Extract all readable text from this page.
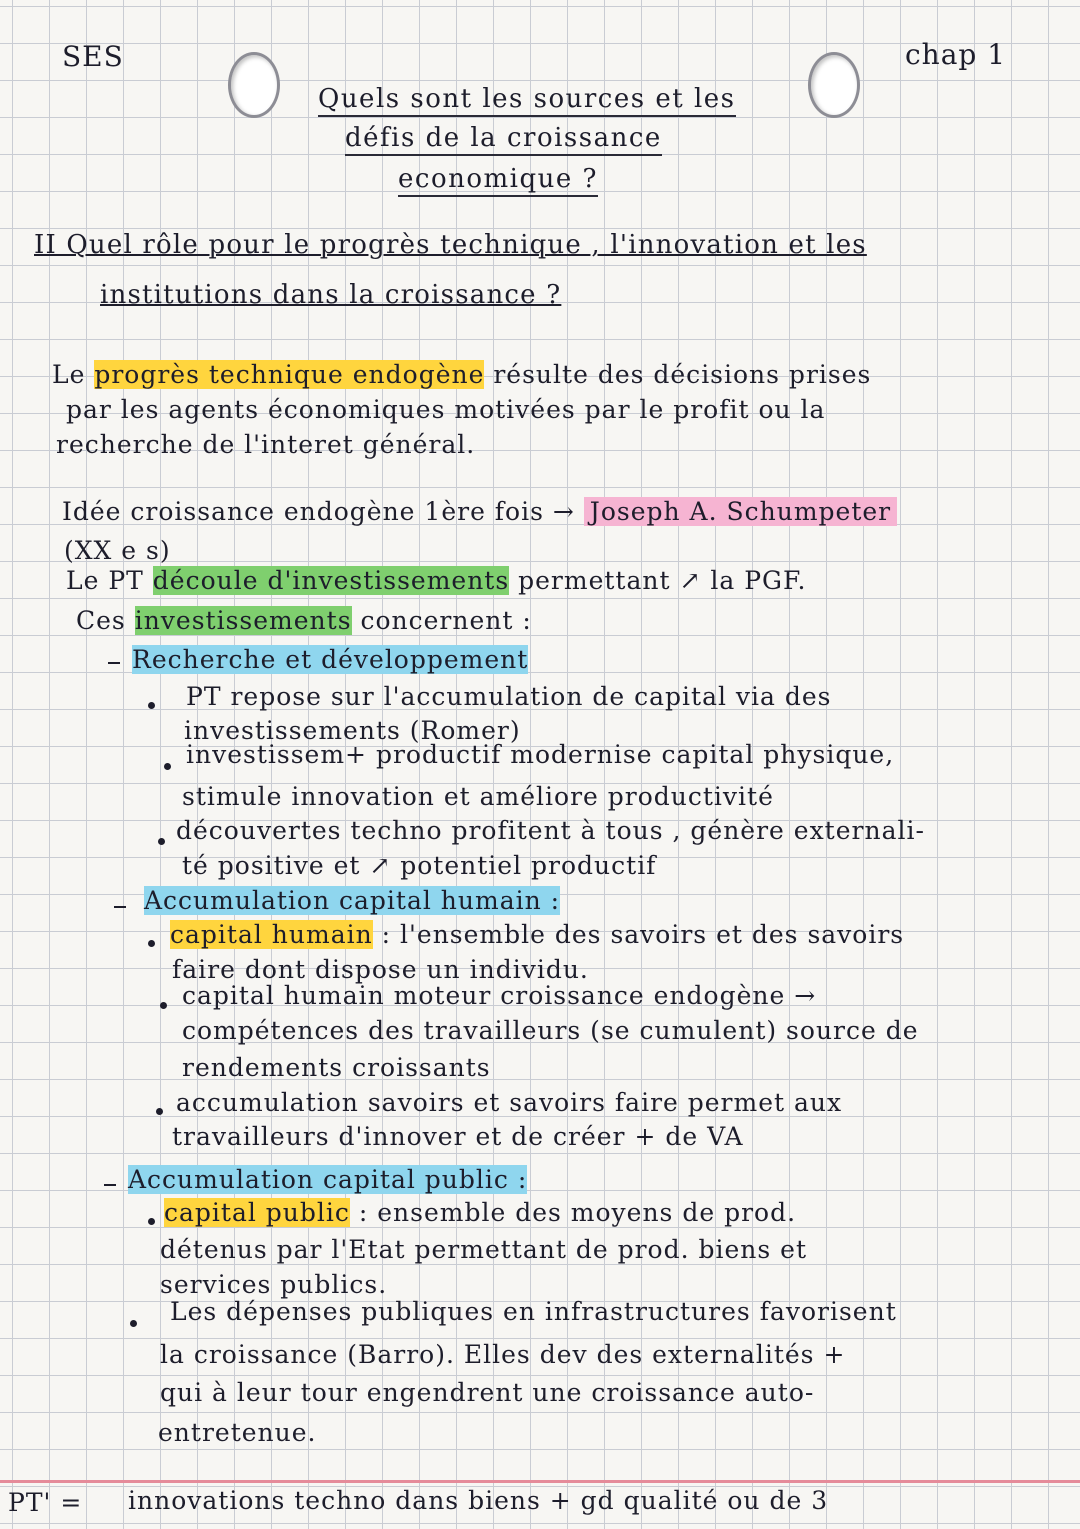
SES	chap 1
Quels sont les sources et les
défis de la croissance
economique ?
II Quel rôle pour le progrès technique , l'innovation et les
institutions dans la croissance ?
Le progrès technique endogène résulte des décisions prises
par les agents économiques motivées par le profit ou la
recherche de l'interet général.
Idée croissance endogène 1ère fois → Joseph A. Schumpeter
(XX e s)
Le PT découle d'investissements permettant ↗ la PGF.
Ces investissements concernent :
Recherche et développement
PT repose sur l'accumulation de capital via des
investissements (Romer)
investissem+ productif modernise capital physique,
stimule innovation et améliore productivité
découvertes techno profitent à tous , génère externali-
té positive et ↗ potentiel productif
Accumulation capital humain :
capital humain : l'ensemble des savoirs et des savoirs
faire dont dispose un individu.
capital humain moteur croissance endogène →
compétences des travailleurs (se cumulent) source de
rendements croissants
accumulation savoirs et savoirs faire permet aux
travailleurs d'innover et de créer + de VA
Accumulation capital public :
capital public : ensemble des moyens de prod.
détenus par l'Etat permettant de prod. biens et
services publics.
Les dépenses publiques en infrastructures favorisent
la croissance (Barro). Elles dev des externalités +
qui à leur tour engendrent une croissance auto-
entretenue.
PT' = innovations techno dans biens + gd qualité ou de 3
